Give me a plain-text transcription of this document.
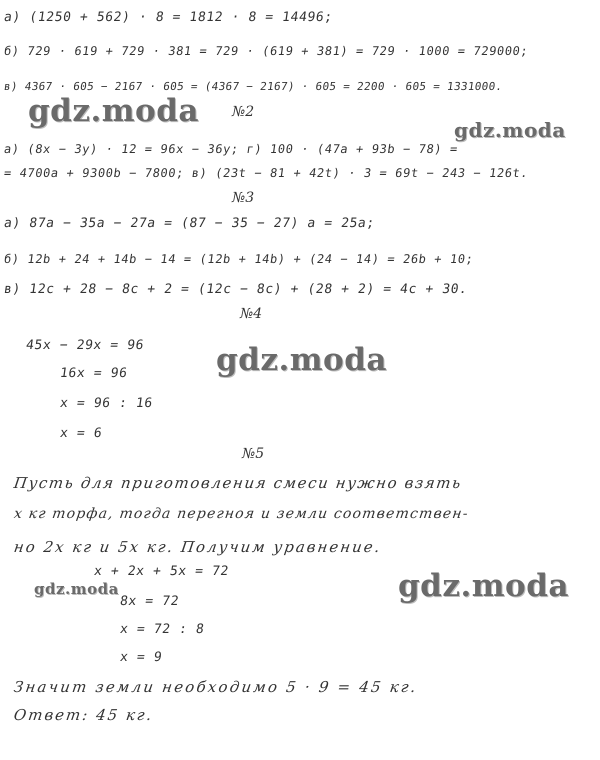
а) (1250 + 562) · 8 = 1812 · 8 = 14496;
б) 729 · 619 + 729 · 381 = 729 · (619 + 381) = 729 · 1000 = 729000;
в) 4367 · 605 − 2167 · 605 = (4367 − 2167) · 605 = 2200 · 605 = 1331000.
gdz.moda №2
gdz.moda
а) (8x − 3y) · 12 = 96x − 36y; г) 100 · (47a + 93b − 78) =
= 4700a + 9300b − 7800; в) (23t − 81 + 42t) · 3 = 69t − 243 − 126t.
№3
а) 87a − 35a − 27a = (87 − 35 − 27) a = 25a;
б) 12b + 24 + 14b − 14 = (12b + 14b) + (24 − 14) = 26b + 10;
в) 12c + 28 − 8c + 2 = (12c − 8c) + (28 + 2) = 4c + 30.
№4
45x − 29x = 96 gdz.moda
16x = 96
x = 96 : 16
x = 6
№5
Пусть для приготовления смеси нужно взять
x кг торфа, тогда перегноя и земли соответствен-
но 2x кг и 5x кг. Получим уравнение.
x + 2x + 5x = 72
gdz.moda	gdz.moda
8x = 72
x = 72 : 8
x = 9
Значит земли необходимо 5 · 9 = 45 кг.
Ответ: 45 кг.
